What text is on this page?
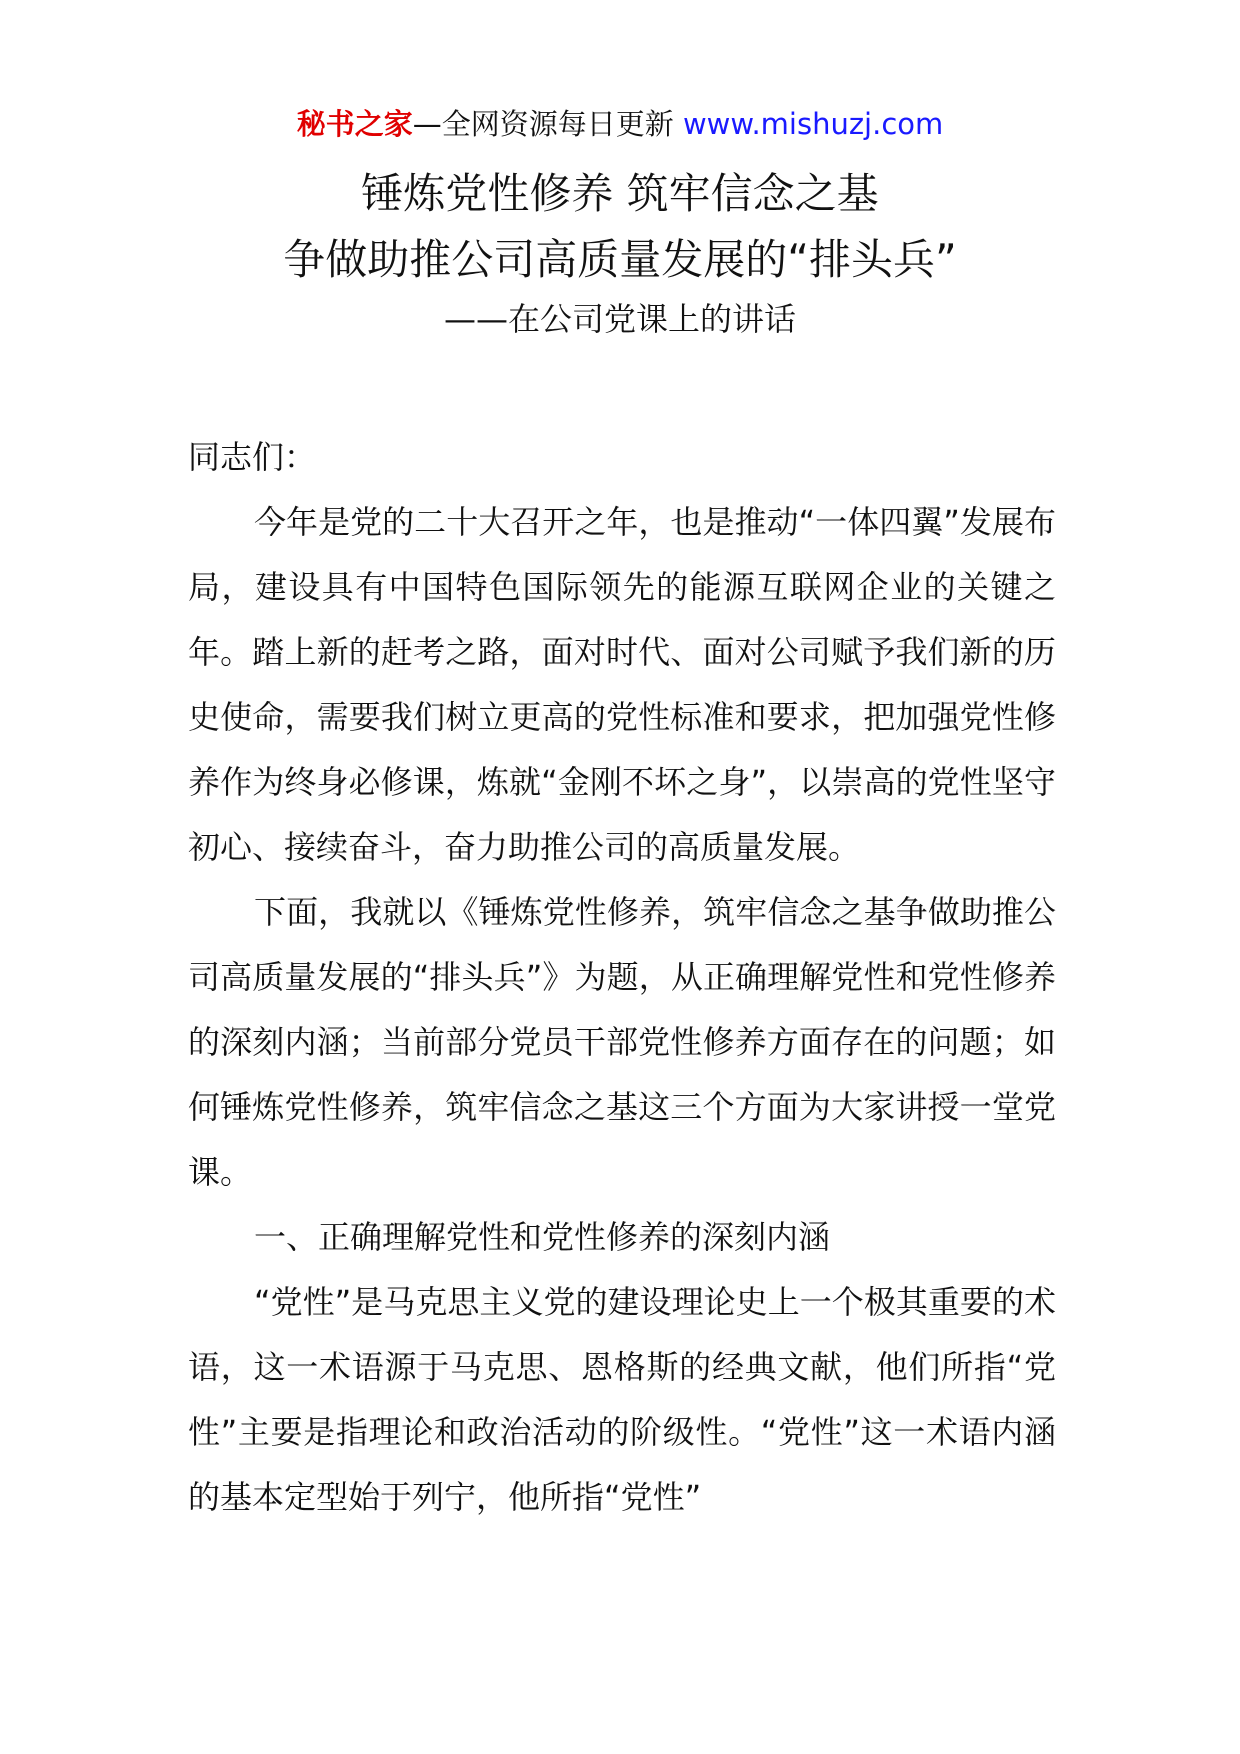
秘书之家—全网资源每日更新 www.mishuzj.com
锤炼党性修养 筑牢信念之基
争做助推公司高质量发展的“排头兵”
——在公司党课上的讲话

同志们：

今年是党的二十大召开之年，也是推动“一体四翼”发展布局，建设具有中国特色国际领先的能源互联网企业的关键之年。踏上新的赶考之路，面对时代、面对公司赋予我们新的历史使命，需要我们树立更高的党性标准和要求，把加强党性修养作为终身必修课，炼就“金刚不坏之身”，以崇高的党性坚守初心、接续奋斗，奋力助推公司的高质量发展。

下面，我就以《锤炼党性修养，筑牢信念之基争做助推公司高质量发展的“排头兵”》为题，从正确理解党性和党性修养的深刻内涵；当前部分党员干部党性修养方面存在的问题；如何锤炼党性修养，筑牢信念之基这三个方面为大家讲授一堂党课。

一、正确理解党性和党性修养的深刻内涵

“党性”是马克思主义党的建设理论史上一个极其重要的术语，这一术语源于马克思、恩格斯的经典文献，他们所指“党性”主要是指理论和政治活动的阶级性。“党性”这一术语内涵的基本定型始于列宁，他所指“党性”
